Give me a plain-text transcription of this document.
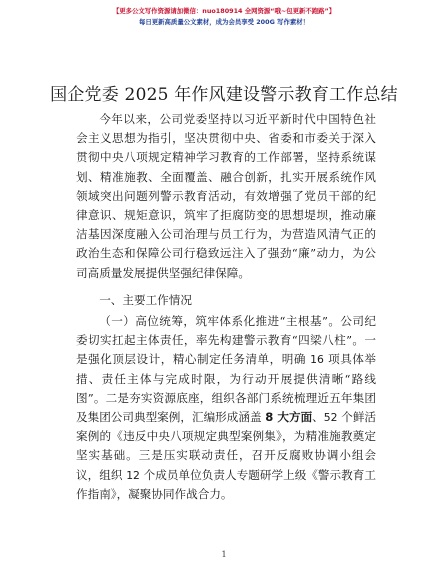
【更多公文写作资源请加微信：nuo180914 全网资源“哦~包更新不跑路”】
每日更新高质量公文素材，成为会员享受 200G 写作素材！
国企党委 2025 年作风建设警示教育工作总结

今年以来，公司党委坚持以习近平新时代中国特色社会主义思想为指引，坚决贯彻中央、省委和市委关于深入贯彻中央八项规定精神学习教育的工作部署，坚持系统谋划、精准施教、全面覆盖、融合创新，扎实开展系统作风领域突出问题列警示教育活动，有效增强了党员干部的纪律意识、规矩意识，筑牢了拒腐防变的思想堤坝，推动廉洁基因深度融入公司治理与员工行为，为营造风清气正的政治生态和保障公司行稳致远注入了强劲“廉”动力，为公司高质量发展提供坚强纪律保障。

一、主要工作情况

（一）高位统筹，筑牢体系化推进“主根基”。公司纪委切实扛起主体责任，率先构建警示教育“四梁八柱”。一是强化顶层设计，精心制定任务清单，明确 16 项具体举措、责任主体与完成时限，为行动开展提供清晰“路线图”。二是夯实资源底座，组织各部门系统梳理近五年集团及集团公司典型案例，汇编形成涵盖 8 大方面、52 个鲜活案例的《违反中央八项规定典型案例集》，为精准施教奠定坚实基础。三是压实联动责任，召开反腐败协调小组会议，组织 12 个成员单位负责人专题研学上级《警示教育工作指南》，凝聚协同作战合力。

1
